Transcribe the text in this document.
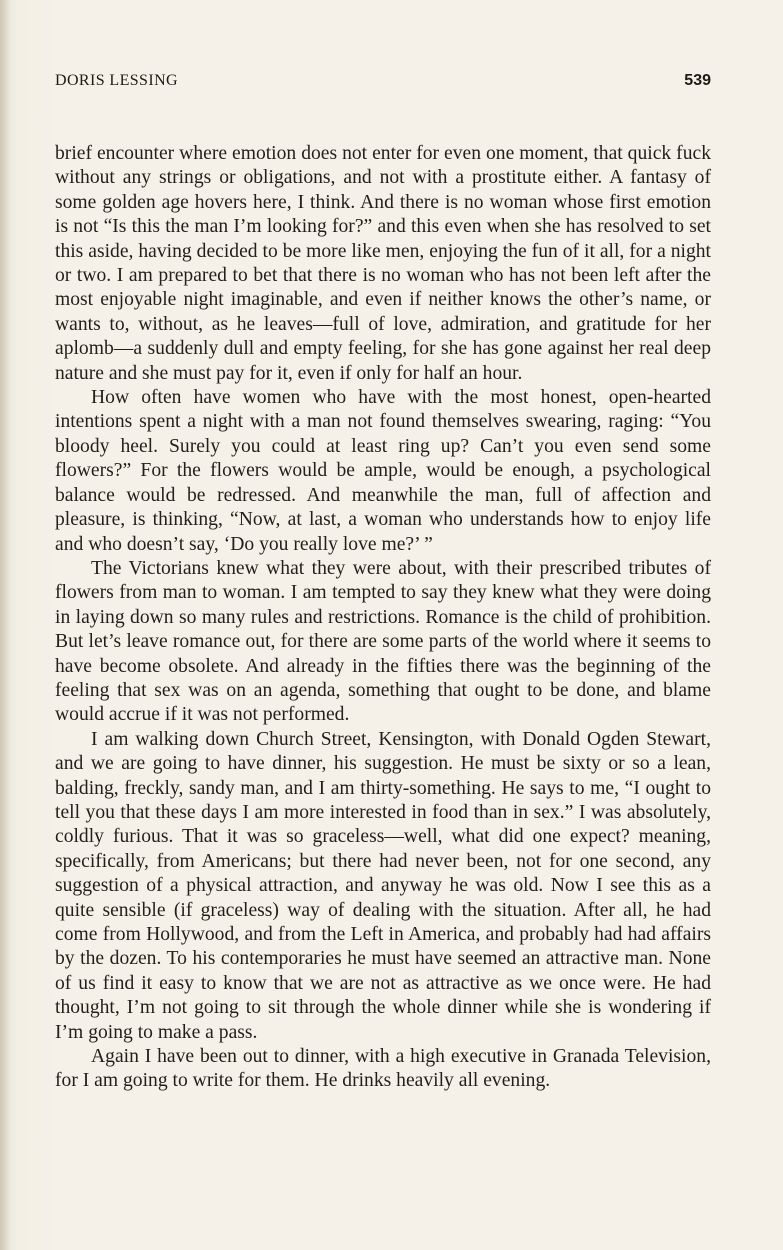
DORIS LESSING	539

brief encounter where emotion does not enter for even one moment, that quick fuck without any strings or obligations, and not with a prostitute either. A fantasy of some golden age hovers here, I think. And there is no woman whose first emotion is not “Is this the man I’m looking for?” and this even when she has resolved to set this aside, having decided to be more like men, enjoying the fun of it all, for a night or two. I am prepared to bet that there is no woman who has not been left after the most enjoyable night imaginable, and even if neither knows the other’s name, or wants to, without, as he leaves—full of love, admiration, and gratitude for her aplomb—a suddenly dull and empty feeling, for she has gone against her real deep nature and she must pay for it, even if only for half an hour.

How often have women who have with the most honest, open-hearted intentions spent a night with a man not found themselves swearing, raging: “You bloody heel. Surely you could at least ring up? Can’t you even send some flowers?” For the flowers would be ample, would be enough, a psychological balance would be redressed. And meanwhile the man, full of affection and pleasure, is thinking, “Now, at last, a woman who understands how to enjoy life and who doesn’t say, ‘Do you really love me?’ ”

The Victorians knew what they were about, with their prescribed tributes of flowers from man to woman. I am tempted to say they knew what they were doing in laying down so many rules and restrictions. Romance is the child of prohibition. But let’s leave romance out, for there are some parts of the world where it seems to have become obsolete. And already in the fifties there was the beginning of the feeling that sex was on an agenda, something that ought to be done, and blame would accrue if it was not performed.

I am walking down Church Street, Kensington, with Donald Ogden Stewart, and we are going to have dinner, his suggestion. He must be sixty or so a lean, balding, freckly, sandy man, and I am thirty-something. He says to me, “I ought to tell you that these days I am more interested in food than in sex.” I was absolutely, coldly furious. That it was so graceless—well, what did one expect? meaning, specifically, from Americans; but there had never been, not for one second, any suggestion of a physical attraction, and anyway he was old. Now I see this as a quite sensible (if graceless) way of dealing with the situation. After all, he had come from Hollywood, and from the Left in America, and probably had had affairs by the dozen. To his contemporaries he must have seemed an attractive man. None of us find it easy to know that we are not as attractive as we once were. He had thought, I’m not going to sit through the whole dinner while she is wondering if I’m going to make a pass.

Again I have been out to dinner, with a high executive in Granada Television, for I am going to write for them. He drinks heavily all evening.
